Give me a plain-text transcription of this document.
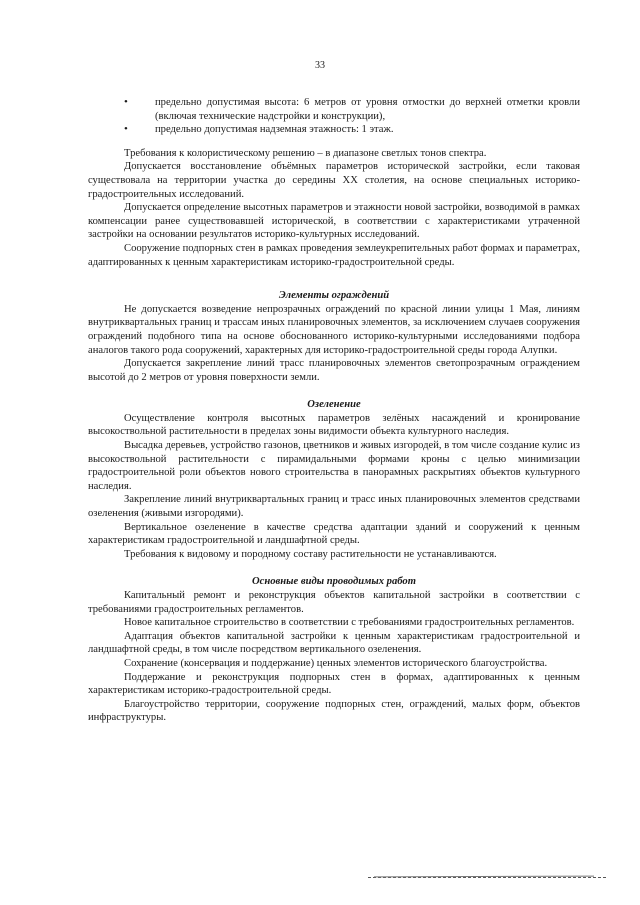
33
• предельно допустимая высота: 6 метров от уровня отмостки до верхней отметки кровли (включая технические надстройки и конструкции),
• предельно допустимая надземная этажность: 1 этаж.

Требования к колористическому решению – в диапазоне светлых тонов спектра.

Допускается восстановление объёмных параметров исторической застройки, если таковая существовала на территории участка до середины XX столетия, на основе специальных историко-градостроительных исследований.

Допускается определение высотных параметров и этажности новой застройки, возводимой в рамках компенсации ранее существовавшей исторической, в соответствии с характеристиками утраченной застройки на основании результатов историко-культурных исследований.

Сооружение подпорных стен в рамках проведения землеукрепительных работ формах и параметрах, адаптированных к ценным характеристикам историко-градостроительной среды.

Элементы ограждений

Не допускается возведение непрозрачных ограждений по красной линии улицы 1 Мая, линиям внутриквартальных границ и трассам иных планировочных элементов, за исключением случаев сооружения ограждений подобного типа на основе обоснованного историко-культурными исследованиями подбора аналогов такого рода сооружений, характерных для историко-градостроительной среды города Алупки.

Допускается закрепление линий трасс планировочных элементов светопрозрачным ограждением высотой до 2 метров от уровня поверхности земли.

Озеленение

Осуществление контроля высотных параметров зелёных насаждений и кронирование высокоствольной растительности в пределах зоны видимости объекта культурного наследия.

Высадка деревьев, устройство газонов, цветников и живых изгородей, в том числе создание кулис из высокоствольной растительности с пирамидальными формами кроны с целью минимизации градостроительной роли объектов нового строительства в панорамных раскрытиях объектов культурного наследия.

Закрепление линий внутриквартальных границ и трасс иных планировочных элементов средствами озеленения (живыми изгородями).

Вертикальное озеленение в качестве средства адаптации зданий и сооружений к ценным характеристикам градостроительной и ландшафтной среды.

Требования к видовому и породному составу растительности не устанавливаются.

Основные виды проводимых работ

Капитальный ремонт и реконструкция объектов капитальной застройки в соответствии с требованиями градостроительных регламентов.

Новое капитальное строительство в соответствии с требованиями градостроительных регламентов.

Адаптация объектов капитальной застройки к ценным характеристикам градостроительной и ландшафтной среды, в том числе посредством вертикального озеленения.

Сохранение (консервация и поддержание) ценных элементов исторического благоустройства.

Поддержание и реконструкция подпорных стен в формах, адаптированных к ценным характеристикам историко-градостроительной среды.

Благоустройство территории, сооружение подпорных стен, ограждений, малых форм, объектов инфраструктуры.
